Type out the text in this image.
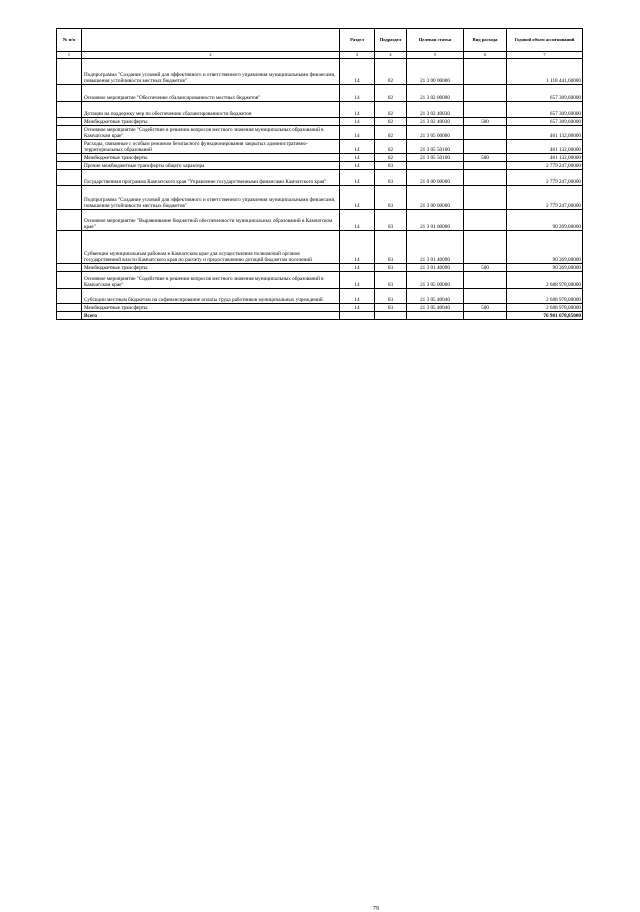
№ п/п		Раздел	Подраздел	Целевая статья	Вид расхода	Годовой объем ассигнований
1	2	3	4	5	6	7
	Подпрограмма "Создание условий для эффективного и ответственного управления муниципальными финансами, повышения устойчивости местных бюджетов"	14	02	21 3 00 00000		1 118 441,60000
	Основное мероприятие "Обеспечение сбалансированности местных бюджетов"	14	02	21 3 02 00000		657 309,60000
	Дотации на поддержку мер по обеспечению сбалансированности бюджетов	14	02	21 3 02 40030		657 309,60000
	Межбюджетные трансферты	14	02	21 3 02 40030	500	657 309,60000
	Основное мероприятие "Содействие в решении вопросов местного значения муниципальных образований в Камчатском крае"	14	02	21 3 05 00000		461 132,00000
	Расходы, связанные с особым режимом безопасного функционирования закрытых административно-территориальных образований	14	02	21 3 05 50100		461 132,00000
	Межбюджетные трансферты	14	02	21 3 05 50100	500	461 132,00000
	Прочие межбюджетные трансферты общего характера	14	03			2 779 247,00000
	Государственная программа Камчатского края "Управление государственными финансами Камчатского края"	14	03	21 0 00 00000		2 779 247,00000
	Подпрограмма "Создание условий для эффективного и ответственного управления муниципальными финансами, повышения устойчивости местных бюджетов"	14	03	21 3 00 00000		2 779 247,00000
	Основное мероприятие "Выравнивание бюджетной обеспеченности муниципальных образований в Камчатском крае"	14	03	21 3 01 00000		90 269,00000
	Субвенции муниципальным районам в Камчатском крае для осуществления полномочий органов государственной власти Камчатского края по расчету и предоставлению дотаций бюджетам поселений	14	03	21 3 01 40090		90 269,00000
	Межбюджетные трансферты	14	03	21 3 01 40090	500	90 269,00000
	Основное мероприятие "Содействие в решении вопросов местного значения муниципальных образований в Камчатском крае"	14	03	21 3 05 00000		2 688 978,00000
	Субсидии местным бюджетам на софинансирование оплаты труда работников муниципальных учреждений	14	03	21 3 05 40040		2 688 978,00000
	Межбюджетные трансферты	14	03	21 3 05 40040	500	2 688 978,00000
	Всего					76 981 678,85000
79
